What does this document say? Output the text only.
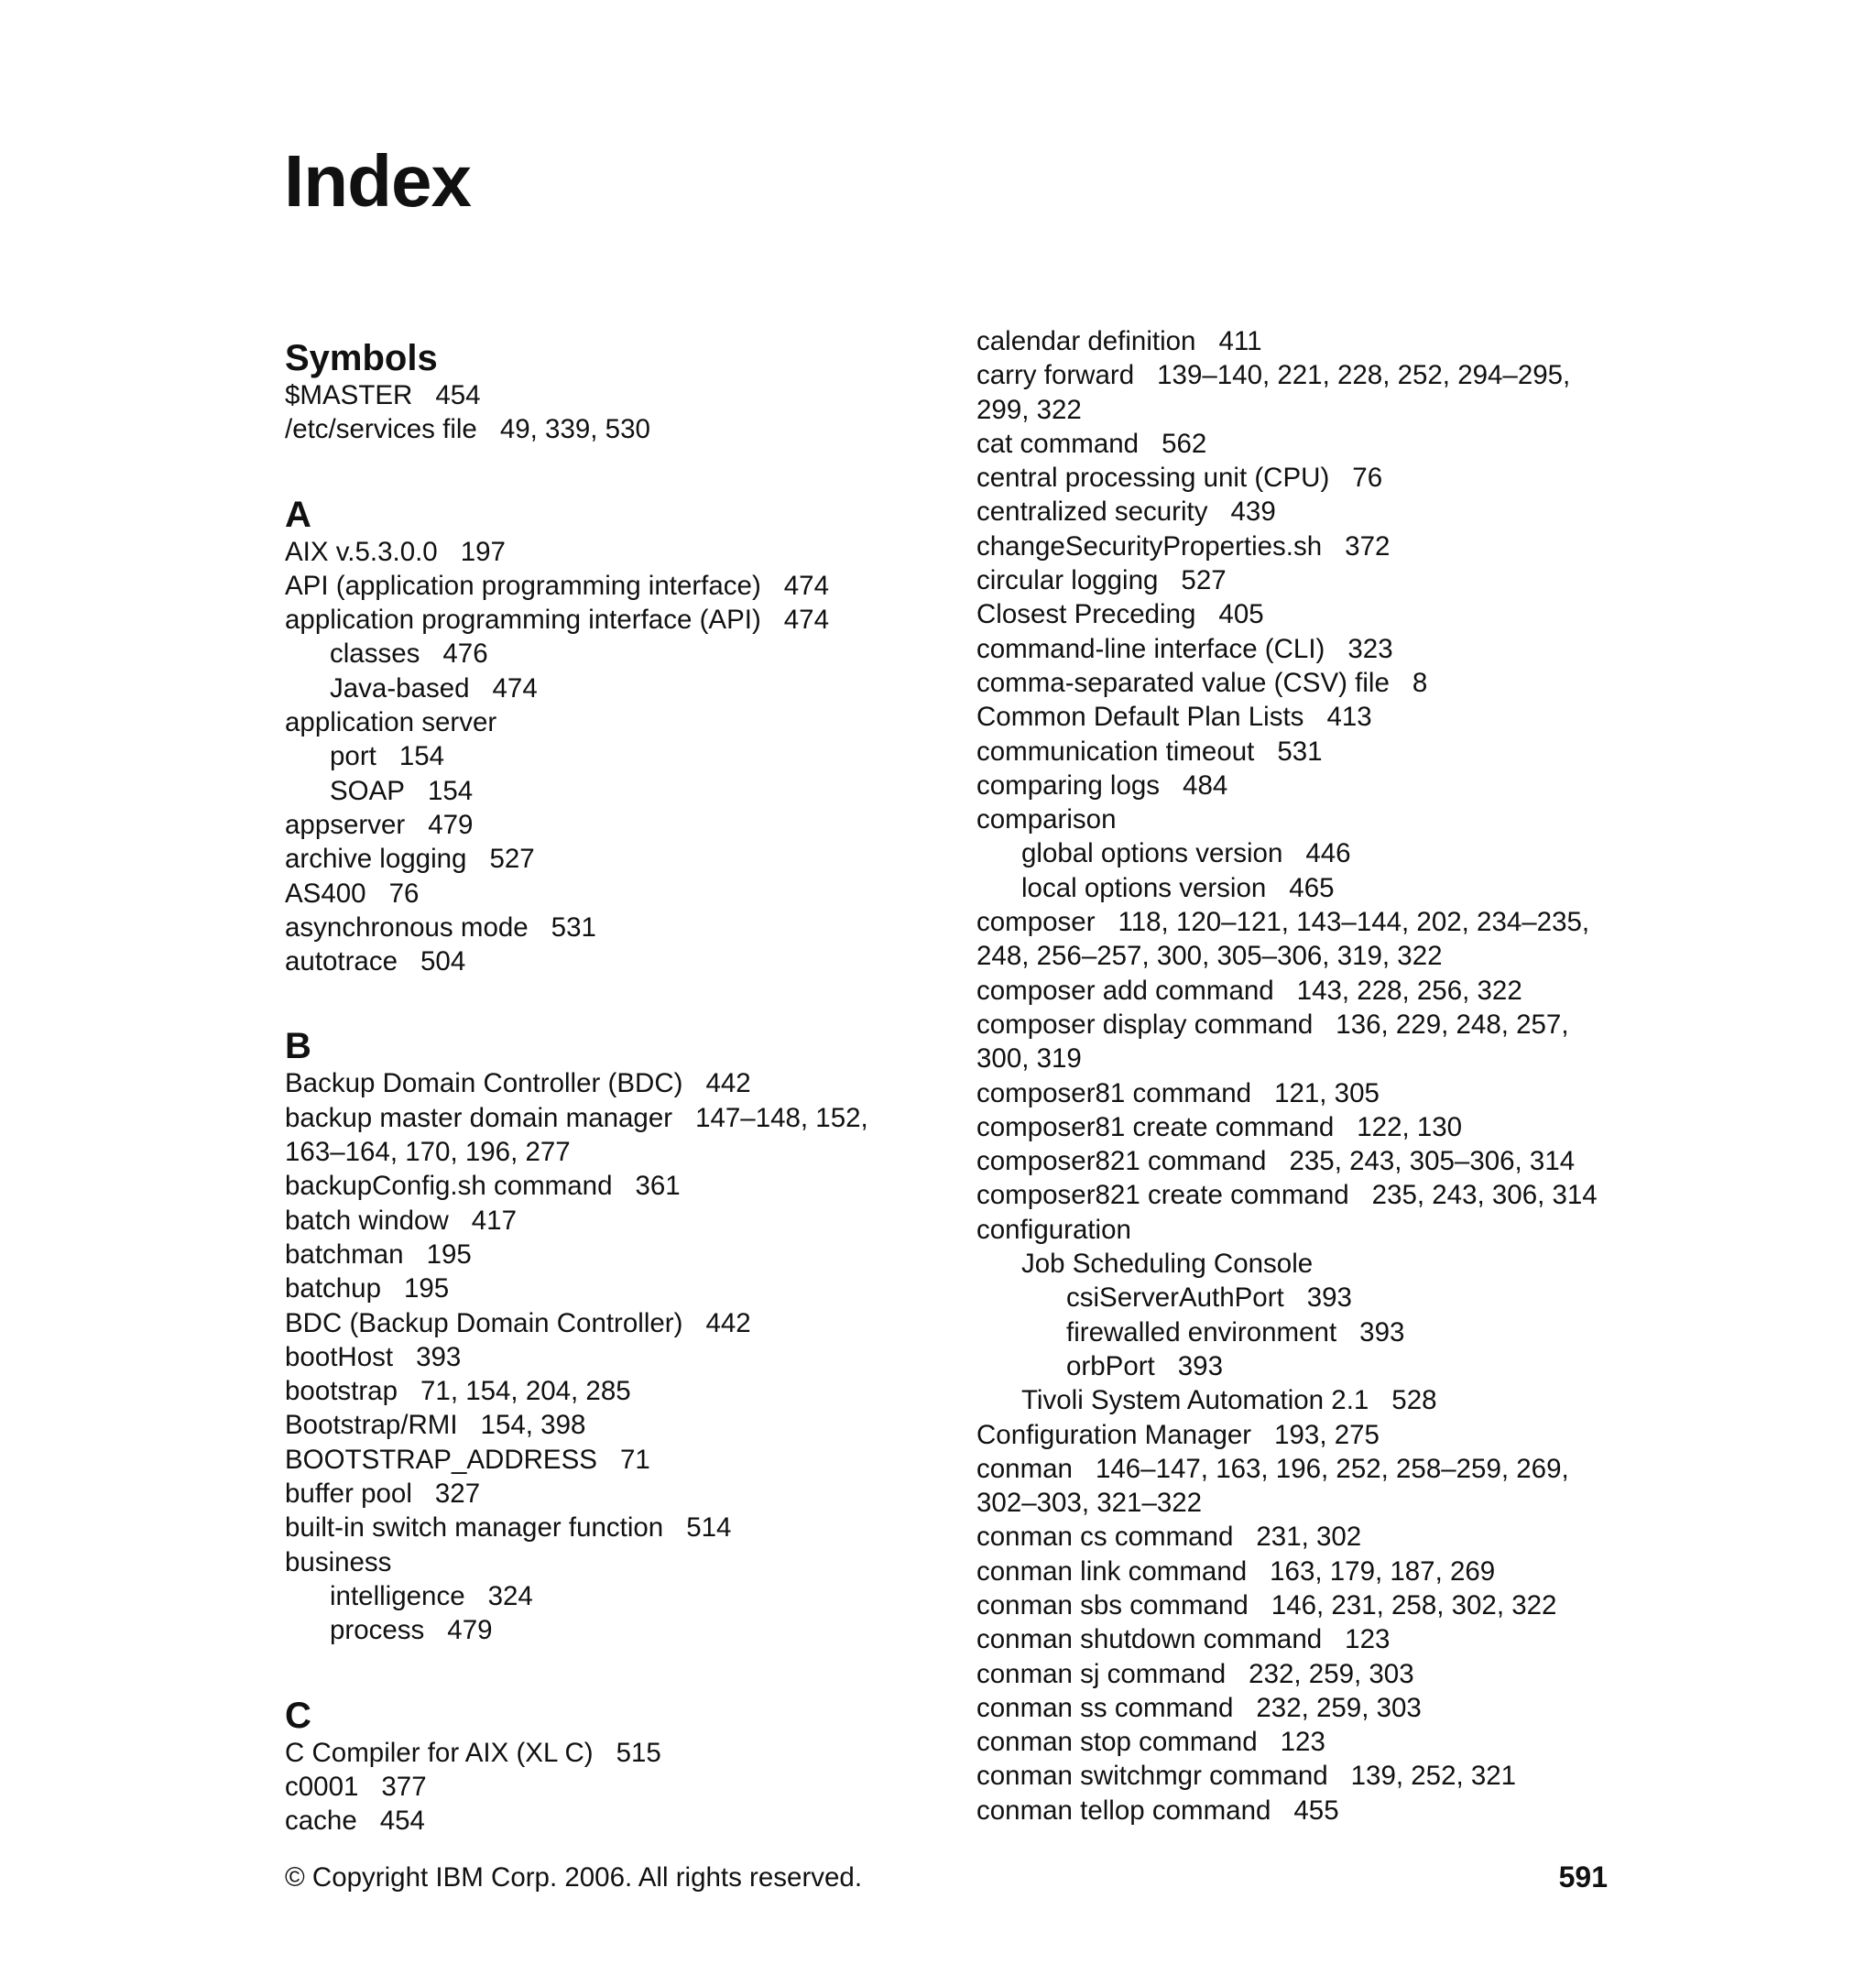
Index
Symbols
$MASTER 454
/etc/services file 49, 339, 530
A
AIX v.5.3.0.0 197
API (application programming interface) 474
application programming interface (API) 474
classes 476
Java-based 474
application server
port 154
SOAP 154
appserver 479
archive logging 527
AS400 76
asynchronous mode 531
autotrace 504
B
Backup Domain Controller (BDC) 442
backup master domain manager 147–148, 152,
163–164, 170, 196, 277
backupConfig.sh command 361
batch window 417
batchman 195
batchup 195
BDC (Backup Domain Controller) 442
bootHost 393
bootstrap 71, 154, 204, 285
Bootstrap/RMI 154, 398
BOOTSTRAP_ADDRESS 71
buffer pool 327
built-in switch manager function 514
business
intelligence 324
process 479
C
C Compiler for AIX (XL C) 515
c0001 377
cache 454
calendar definition 411
carry forward 139–140, 221, 228, 252, 294–295,
299, 322
cat command 562
central processing unit (CPU) 76
centralized security 439
changeSecurityProperties.sh 372
circular logging 527
Closest Preceding 405
command-line interface (CLI) 323
comma-separated value (CSV) file 8
Common Default Plan Lists 413
communication timeout 531
comparing logs 484
comparison
global options version 446
local options version 465
composer 118, 120–121, 143–144, 202, 234–235,
248, 256–257, 300, 305–306, 319, 322
composer add command 143, 228, 256, 322
composer display command 136, 229, 248, 257,
300, 319
composer81 command 121, 305
composer81 create command 122, 130
composer821 command 235, 243, 305–306, 314
composer821 create command 235, 243, 306, 314
configuration
Job Scheduling Console
csiServerAuthPort 393
firewalled environment 393
orbPort 393
Tivoli System Automation 2.1 528
Configuration Manager 193, 275
conman 146–147, 163, 196, 252, 258–259, 269,
302–303, 321–322
conman cs command 231, 302
conman link command 163, 179, 187, 269
conman sbs command 146, 231, 258, 302, 322
conman shutdown command 123
conman sj command 232, 259, 303
conman ss command 232, 259, 303
conman stop command 123
conman switchmgr command 139, 252, 321
conman tellop command 455
© Copyright IBM Corp. 2006. All rights reserved.	591
